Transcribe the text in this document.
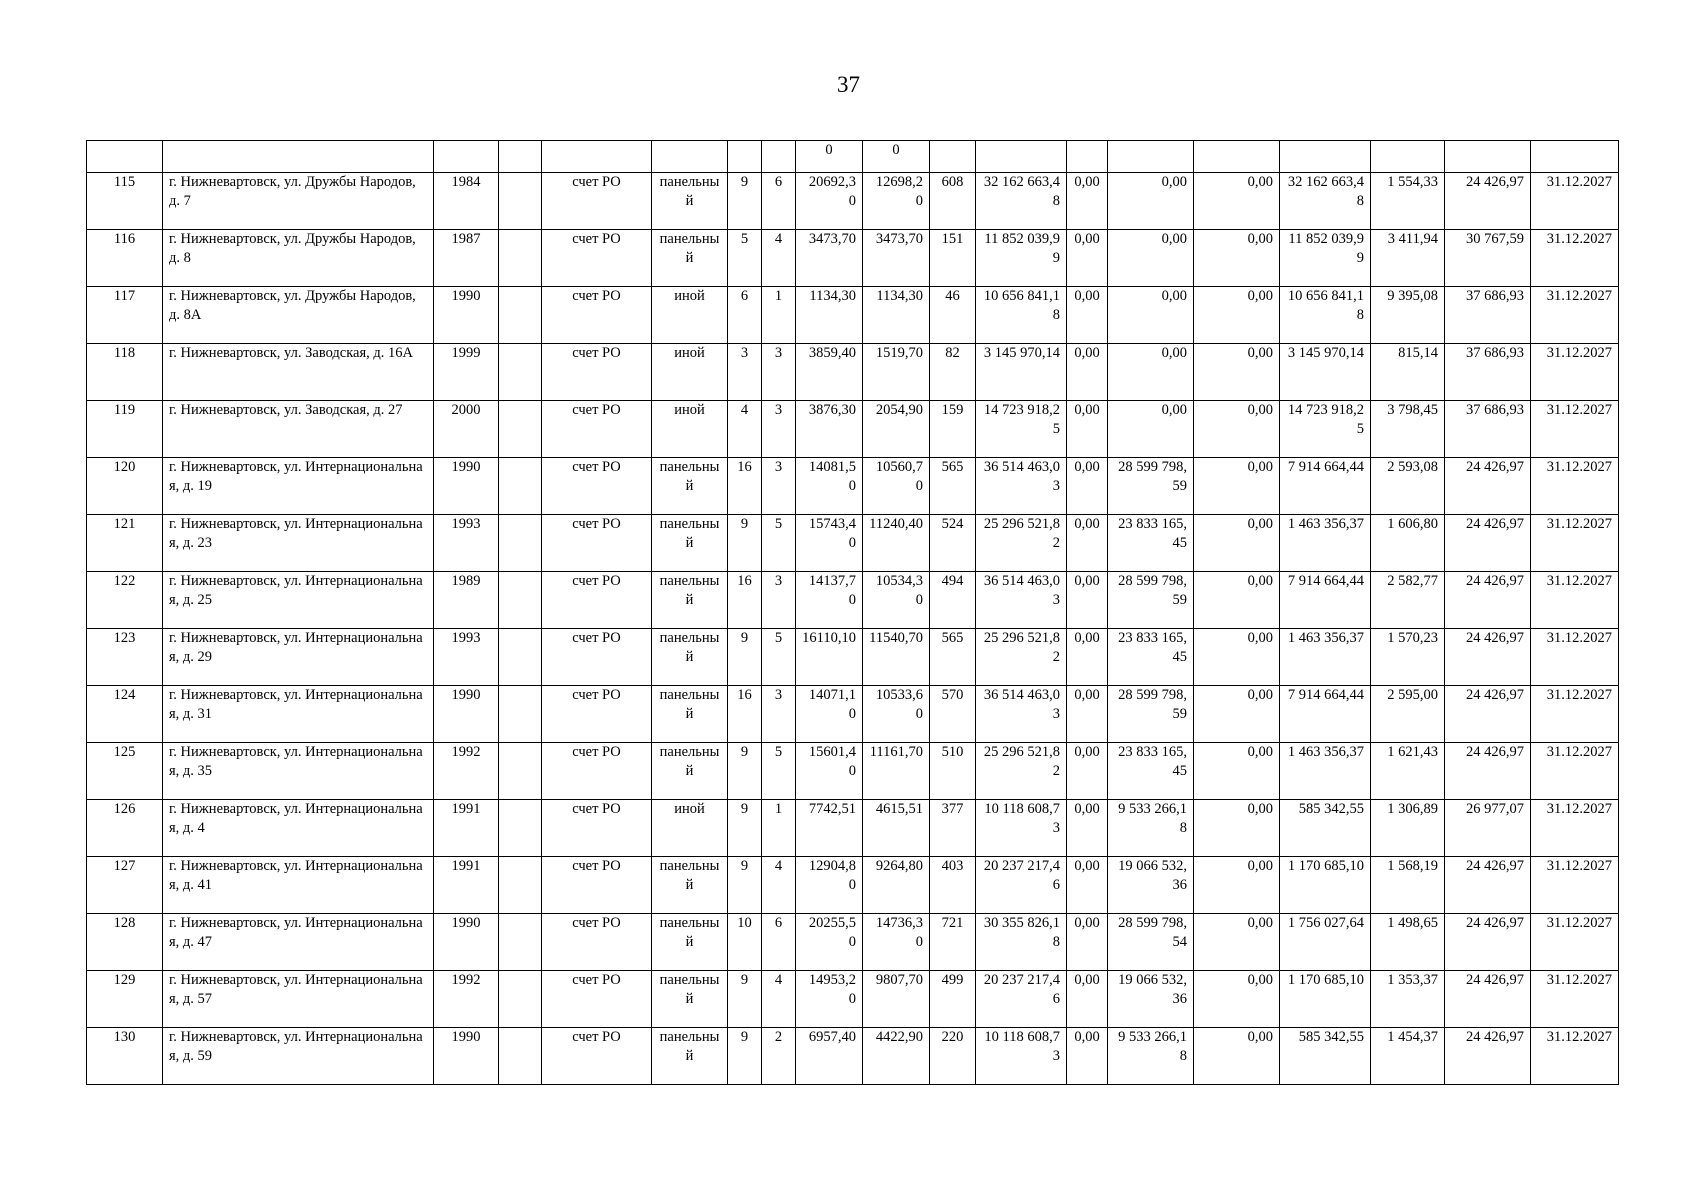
37
								0	0									
115	г. Нижневартовск, ул. Дружбы Народов, д. 7	1984		счет РО	панельный	9	6	20692,30	12698,20	608	32 162 663,48	0,00	0,00	0,00	32 162 663,48	1 554,33	24 426,97	31.12.2027
116	г. Нижневартовск, ул. Дружбы Народов, д. 8	1987		счет РО	панельный	5	4	3473,70	3473,70	151	11 852 039,99	0,00	0,00	0,00	11 852 039,99	3 411,94	30 767,59	31.12.2027
117	г. Нижневартовск, ул. Дружбы Народов, д. 8А	1990		счет РО	иной	6	1	1134,30	1134,30	46	10 656 841,18	0,00	0,00	0,00	10 656 841,18	9 395,08	37 686,93	31.12.2027
118	г. Нижневартовск, ул. Заводская, д. 16А	1999		счет РО	иной	3	3	3859,40	1519,70	82	3 145 970,14	0,00	0,00	0,00	3 145 970,14	815,14	37 686,93	31.12.2027
119	г. Нижневартовск, ул. Заводская, д. 27	2000		счет РО	иной	4	3	3876,30	2054,90	159	14 723 918,25	0,00	0,00	0,00	14 723 918,25	3 798,45	37 686,93	31.12.2027
120	г. Нижневартовск, ул. Интернациональная, д. 19	1990		счет РО	панельный	16	3	14081,50	10560,70	565	36 514 463,03	0,00	28 599 798,59	0,00	7 914 664,44	2 593,08	24 426,97	31.12.2027
121	г. Нижневартовск, ул. Интернациональная, д. 23	1993		счет РО	панельный	9	5	15743,40	11240,40	524	25 296 521,82	0,00	23 833 165,45	0,00	1 463 356,37	1 606,80	24 426,97	31.12.2027
122	г. Нижневартовск, ул. Интернациональная, д. 25	1989		счет РО	панельный	16	3	14137,70	10534,30	494	36 514 463,03	0,00	28 599 798,59	0,00	7 914 664,44	2 582,77	24 426,97	31.12.2027
123	г. Нижневартовск, ул. Интернациональная, д. 29	1993		счет РО	панельный	9	5	16110,10	11540,70	565	25 296 521,82	0,00	23 833 165,45	0,00	1 463 356,37	1 570,23	24 426,97	31.12.2027
124	г. Нижневартовск, ул. Интернациональная, д. 31	1990		счет РО	панельный	16	3	14071,10	10533,60	570	36 514 463,03	0,00	28 599 798,59	0,00	7 914 664,44	2 595,00	24 426,97	31.12.2027
125	г. Нижневартовск, ул. Интернациональная, д. 35	1992		счет РО	панельный	9	5	15601,40	11161,70	510	25 296 521,82	0,00	23 833 165,45	0,00	1 463 356,37	1 621,43	24 426,97	31.12.2027
126	г. Нижневартовск, ул. Интернациональная, д. 4	1991		счет РО	иной	9	1	7742,51	4615,51	377	10 118 608,73	0,00	9 533 266,18	0,00	585 342,55	1 306,89	26 977,07	31.12.2027
127	г. Нижневартовск, ул. Интернациональная, д. 41	1991		счет РО	панельный	9	4	12904,80	9264,80	403	20 237 217,46	0,00	19 066 532,36	0,00	1 170 685,10	1 568,19	24 426,97	31.12.2027
128	г. Нижневартовск, ул. Интернациональная, д. 47	1990		счет РО	панельный	10	6	20255,50	14736,30	721	30 355 826,18	0,00	28 599 798,54	0,00	1 756 027,64	1 498,65	24 426,97	31.12.2027
129	г. Нижневартовск, ул. Интернациональная, д. 57	1992		счет РО	панельный	9	4	14953,20	9807,70	499	20 237 217,46	0,00	19 066 532,36	0,00	1 170 685,10	1 353,37	24 426,97	31.12.2027
130	г. Нижневартовск, ул. Интернациональная, д. 59	1990		счет РО	панельный	9	2	6957,40	4422,90	220	10 118 608,73	0,00	9 533 266,18	0,00	585 342,55	1 454,37	24 426,97	31.12.2027
